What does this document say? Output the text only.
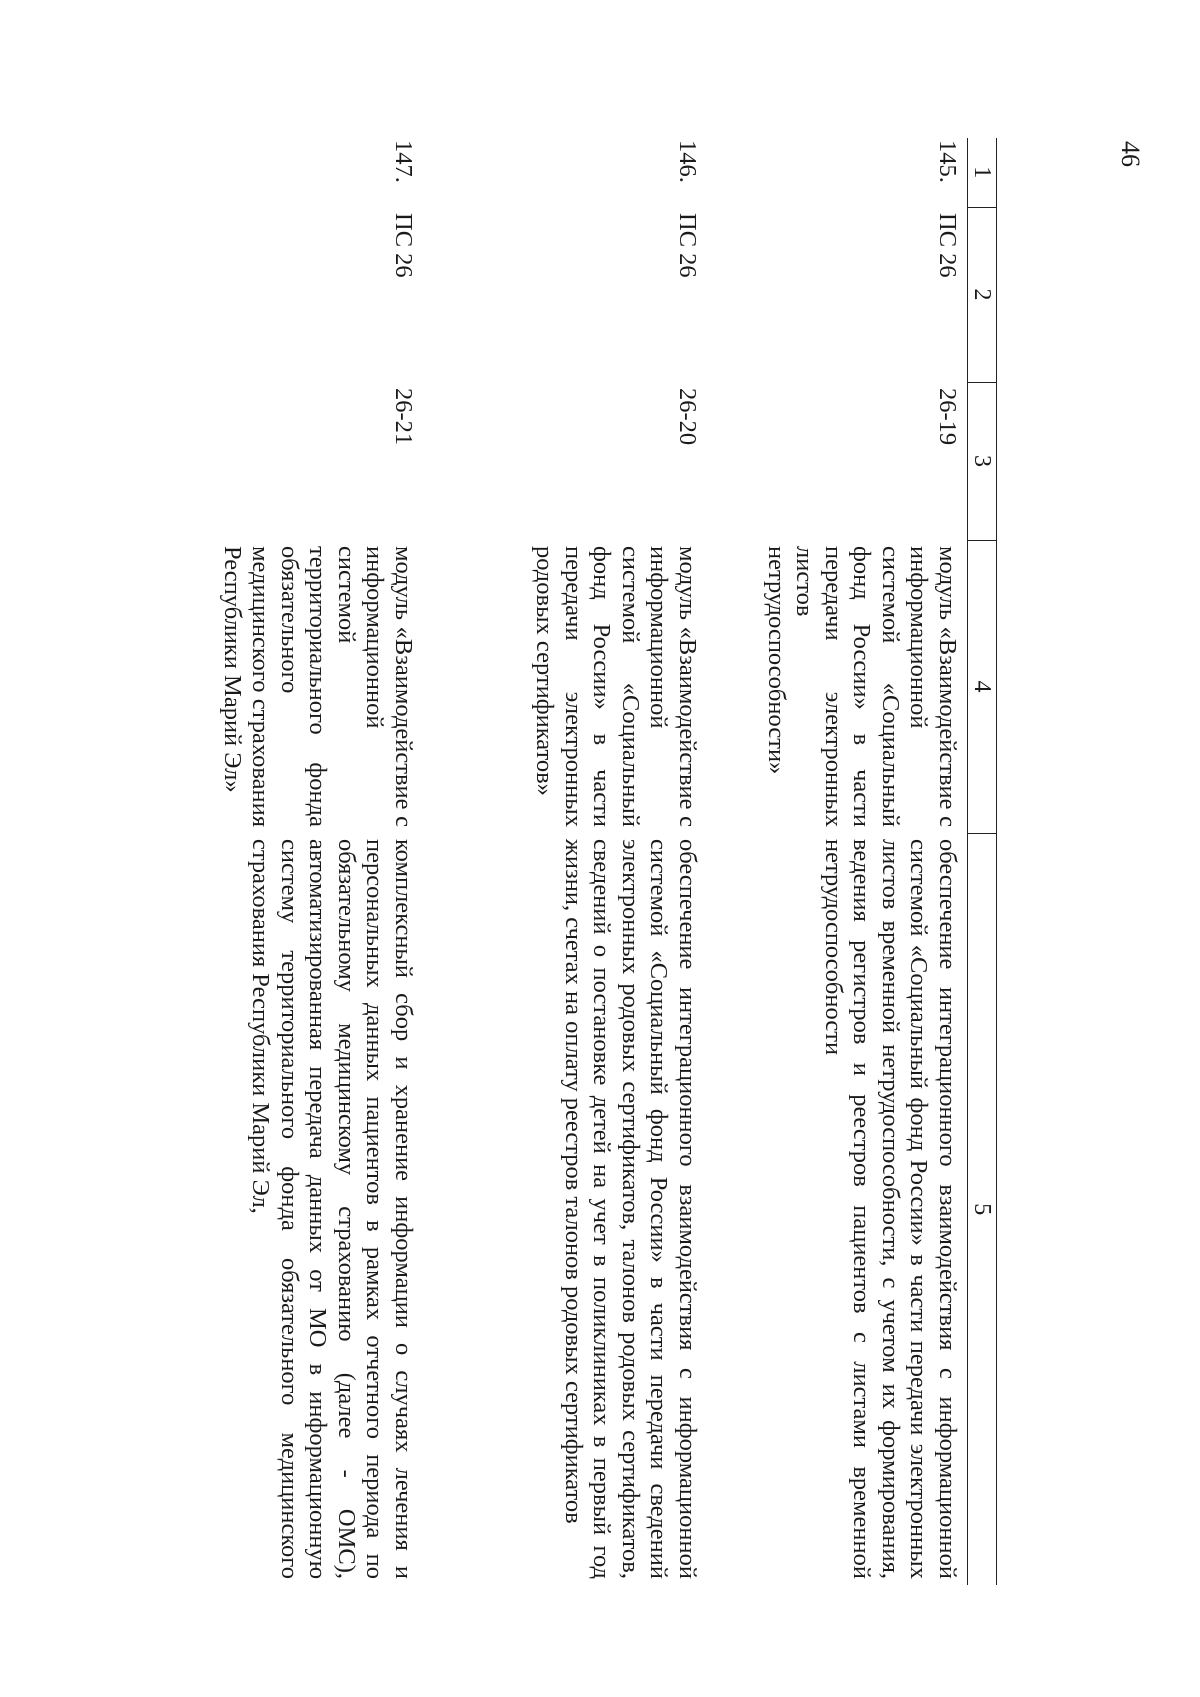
46
1	2	3	4	5
145.	ПС 26	26-19	модуль «Взаимодействие с информационной системой «Социальный фонд России» в части передачи электронных листов нетрудоспособности»	обеспечение интеграционного взаимодействия с информационной системой «Социальный фонд России» в части передачи электронных листов временной нетрудоспособности, с учетом их формирования, ведения регистров и реестров пациентов с листами временной нетрудоспособности
146.	ПС 26	26-20	модуль «Взаимодействие с информационной системой «Социальный фонд России» в части передачи электронных родовых сертификатов»	обеспечение интеграционного взаимодействия с информационной системой «Социальный фонд России» в части передачи сведений электронных родовых сертификатов, талонов родовых сертификатов, сведений о постановке детей на учет в поликлиниках в первый год жизни, счетах на оплату реестров талонов родовых сертификатов
147.	ПС 26	26-21	модуль «Взаимодействие с информационной системой территориального фонда обязательного медицинского страхования Республики Марий Эл»	комплексный сбор и хранение информации о случаях лечения и персональных данных пациентов в рамках отчетного периода по обязательному медицинскому страхованию (далее - ОМС), автоматизированная передача данных от МО в информационную систему территориального фонда обязательного медицинского страхования Республики Марий Эл,
